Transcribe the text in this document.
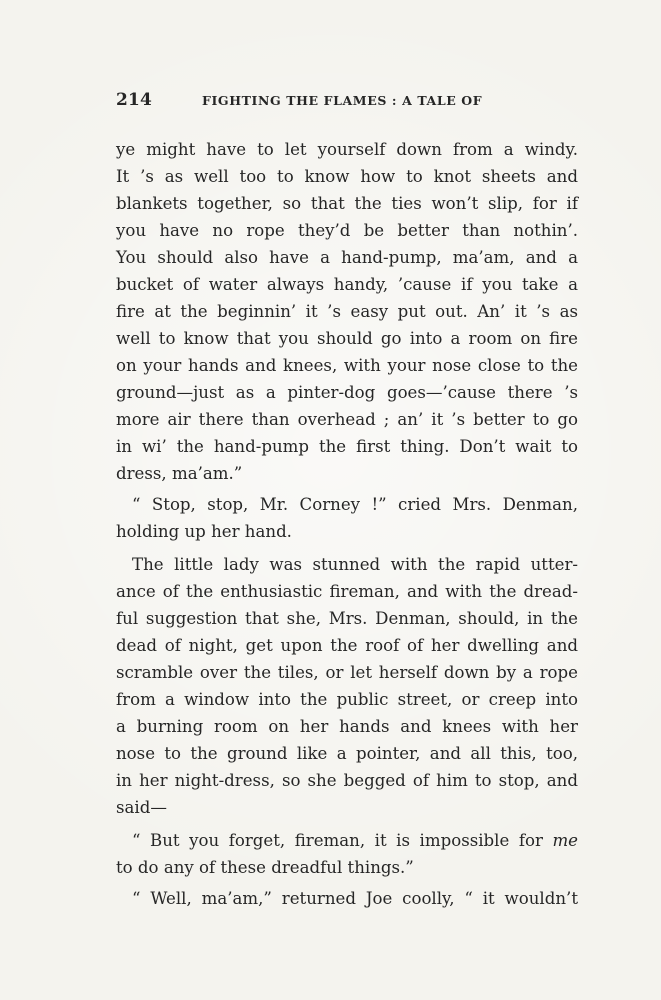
214	FIGHTING THE FLAMES : A TALE OF
ye might have to let yourself down from a windy.
It ’s as well too to know how to knot sheets and
blankets together, so that the ties won’t slip, for if
you have no rope they’d be better than nothin’.
You should also have a hand-pump, ma’am, and a
bucket of water always handy, ’cause if you take a
fire at the beginnin’ it ’s easy put out. An’ it ’s as
well to know that you should go into a room on fire
on your hands and knees, with your nose close to the
ground—just as a pinter-dog goes—’cause there ’s
more air there than overhead ; an’ it ’s better to go
in wi’ the hand-pump the first thing. Don’t wait to
dress, ma’am.”
“ Stop, stop, Mr. Corney !” cried Mrs. Denman,
holding up her hand.
The little lady was stunned with the rapid utter-
ance of the enthusiastic fireman, and with the dread-
ful suggestion that she, Mrs. Denman, should, in the
dead of night, get upon the roof of her dwelling and
scramble over the tiles, or let herself down by a rope
from a window into the public street, or creep into
a burning room on her hands and knees with her
nose to the ground like a pointer, and all this, too,
in her night-dress, so she begged of him to stop, and
said—
“ But you forget, fireman, it is impossible for me
to do any of these dreadful things.”
“ Well, ma’am,” returned Joe coolly, “ it wouldn’t
